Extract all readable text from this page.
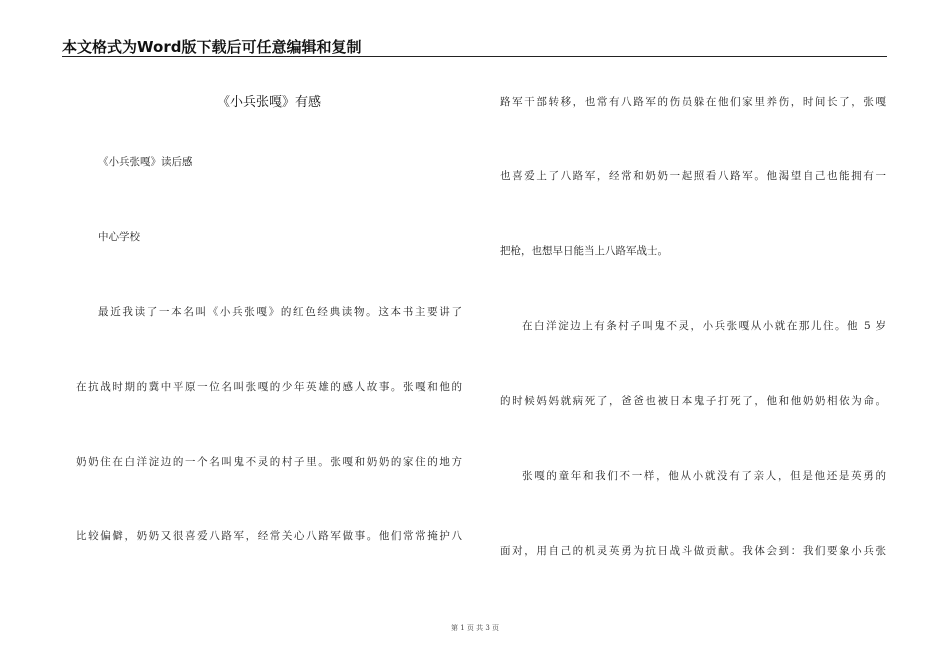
本文格式为Word版下载后可任意编辑和复制
《小兵张嘎》有感
《小兵张嘎》读后感
中心学校
最近我读了一本名叫《小兵张嘎》的红色经典读物。这本书主要讲了
在抗战时期的冀中平原一位名叫张嘎的少年英雄的感人故事。张嘎和他的
奶奶住在白洋淀边的一个名叫鬼不灵的村子里。张嘎和奶奶的家住的地方
比较偏僻，奶奶又很喜爱八路军，经常关心八路军做事。他们常常掩护八
路军干部转移，也常有八路军的伤员躲在他们家里养伤，时间长了，张嘎
也喜爱上了八路军，经常和奶奶一起照看八路军。他渴望自己也能拥有一
把枪，也想早日能当上八路军战士。
在白洋淀边上有条村子叫鬼不灵，小兵张嘎从小就在那儿住。他 5 岁
的时候妈妈就病死了，爸爸也被日本鬼子打死了，他和他奶奶相依为命。
张嘎的童年和我们不一样，他从小就没有了亲人，但是他还是英勇的
面对，用自己的机灵英勇为抗日战斗做贡献。我体会到：我们要象小兵张
第 1 页 共 3 页
